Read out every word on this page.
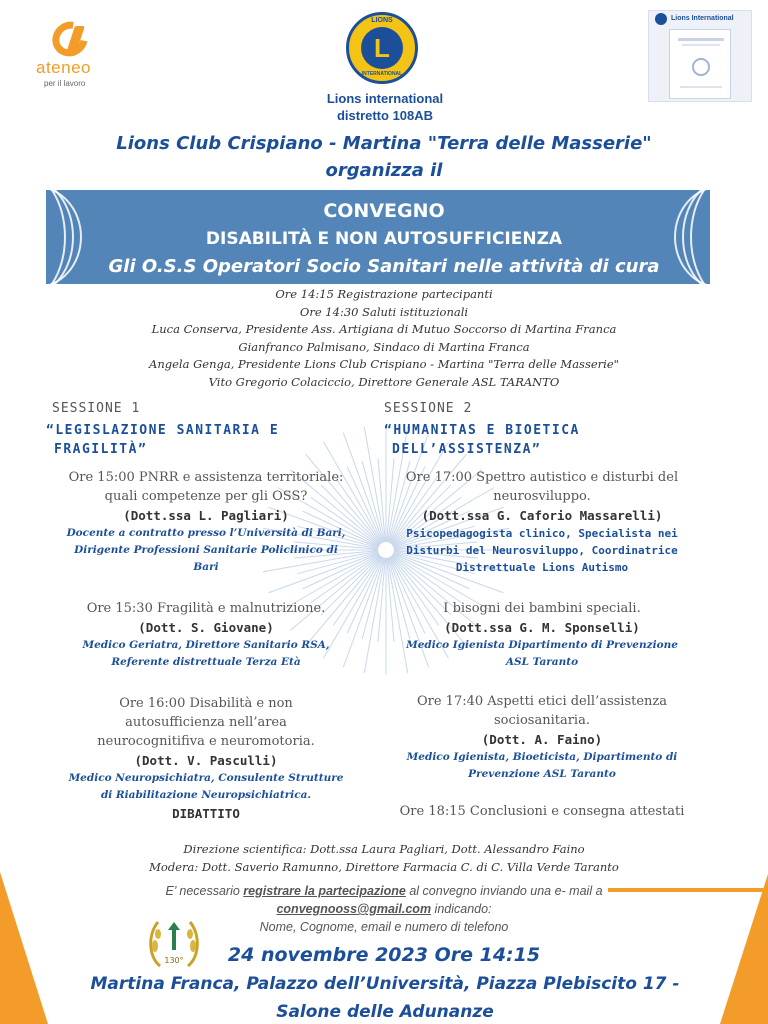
ateneo
per il lavoro
LIONS
L
INTERNATIONAL
Lions international
distretto 108AB
Lions International
Lions Club Crispiano - Martina "Terra delle Masserie"
organizza il
CONVEGNO
DISABILITÀ E NON AUTOSUFFICIENZA
Gli O.S.S Operatori Socio Sanitari nelle attività di cura
Ore 14:15 Registrazione partecipanti
Ore 14:30 Saluti istituzionali
Luca Conserva, Presidente Ass. Artigiana di Mutuo Soccorso di Martina Franca
Gianfranco Palmisano, Sindaco di Martina Franca
Angela Genga, Presidente Lions Club Crispiano - Martina "Terra delle Masserie"
Vito Gregorio Colaciccio, Direttore Generale ASL TARANTO
SESSIONE 1
“LEGISLAZIONE SANITARIA E
FRAGILITÀ”
Ore 15:00 PNRR e assistenza territoriale:
quali competenze per gli OSS?
(Dott.ssa L. Pagliari)
Docente a contratto presso l’Università di Bari,
Dirigente Professioni Sanitarie Policlinico di
Bari
Ore 15:30 Fragilità e malnutrizione.
(Dott. S. Giovane)
Medico Geriatra, Direttore Sanitario RSA,
Referente distrettuale Terza Età
Ore 16:00 Disabilità e non
autosufficienza nell’area
neurocognitifiva e neuromotoria.
(Dott. V. Pasculli)
Medico Neuropsichiatra, Consulente Strutture
di Riabilitazione Neuropsichiatrica.
DIBATTITO
SESSIONE 2
“HUMANITAS E BIOETICA
DELL’ASSISTENZA”
Ore 17:00 Spettro autistico e disturbi del
neurosviluppo.
(Dott.ssa G. Caforio Massarelli)
Psicopedagogista clinico, Specialista nei
Disturbi del Neurosviluppo, Coordinatrice
Distrettuale Lions Autismo
I bisogni dei bambini speciali.
(Dott.ssa G. M. Sponselli)
Medico Igienista Dipartimento di Prevenzione
ASL Taranto
Ore 17:40 Aspetti etici dell’assistenza
sociosanitaria.
(Dott. A. Faino)
Medico Igienista, Bioeticista, Dipartimento di
Prevenzione ASL Taranto
Ore 18:15 Conclusioni e consegna attestati
Direzione scientifica: Dott.ssa Laura Pagliari, Dott. Alessandro Faino
Modera: Dott. Saverio Ramunno, Direttore Farmacia C. di C. Villa Verde Taranto
E’ necessario registrare la partecipazione al convegno inviando una e- mail a
convegnooss@gmail.com indicando:
Nome, Cognome, email e numero di telefono
130°	24 novembre 2023 Ore 14:15
Martina Franca, Palazzo dell’Università, Piazza Plebiscito 17 -
Salone delle Adunanze
